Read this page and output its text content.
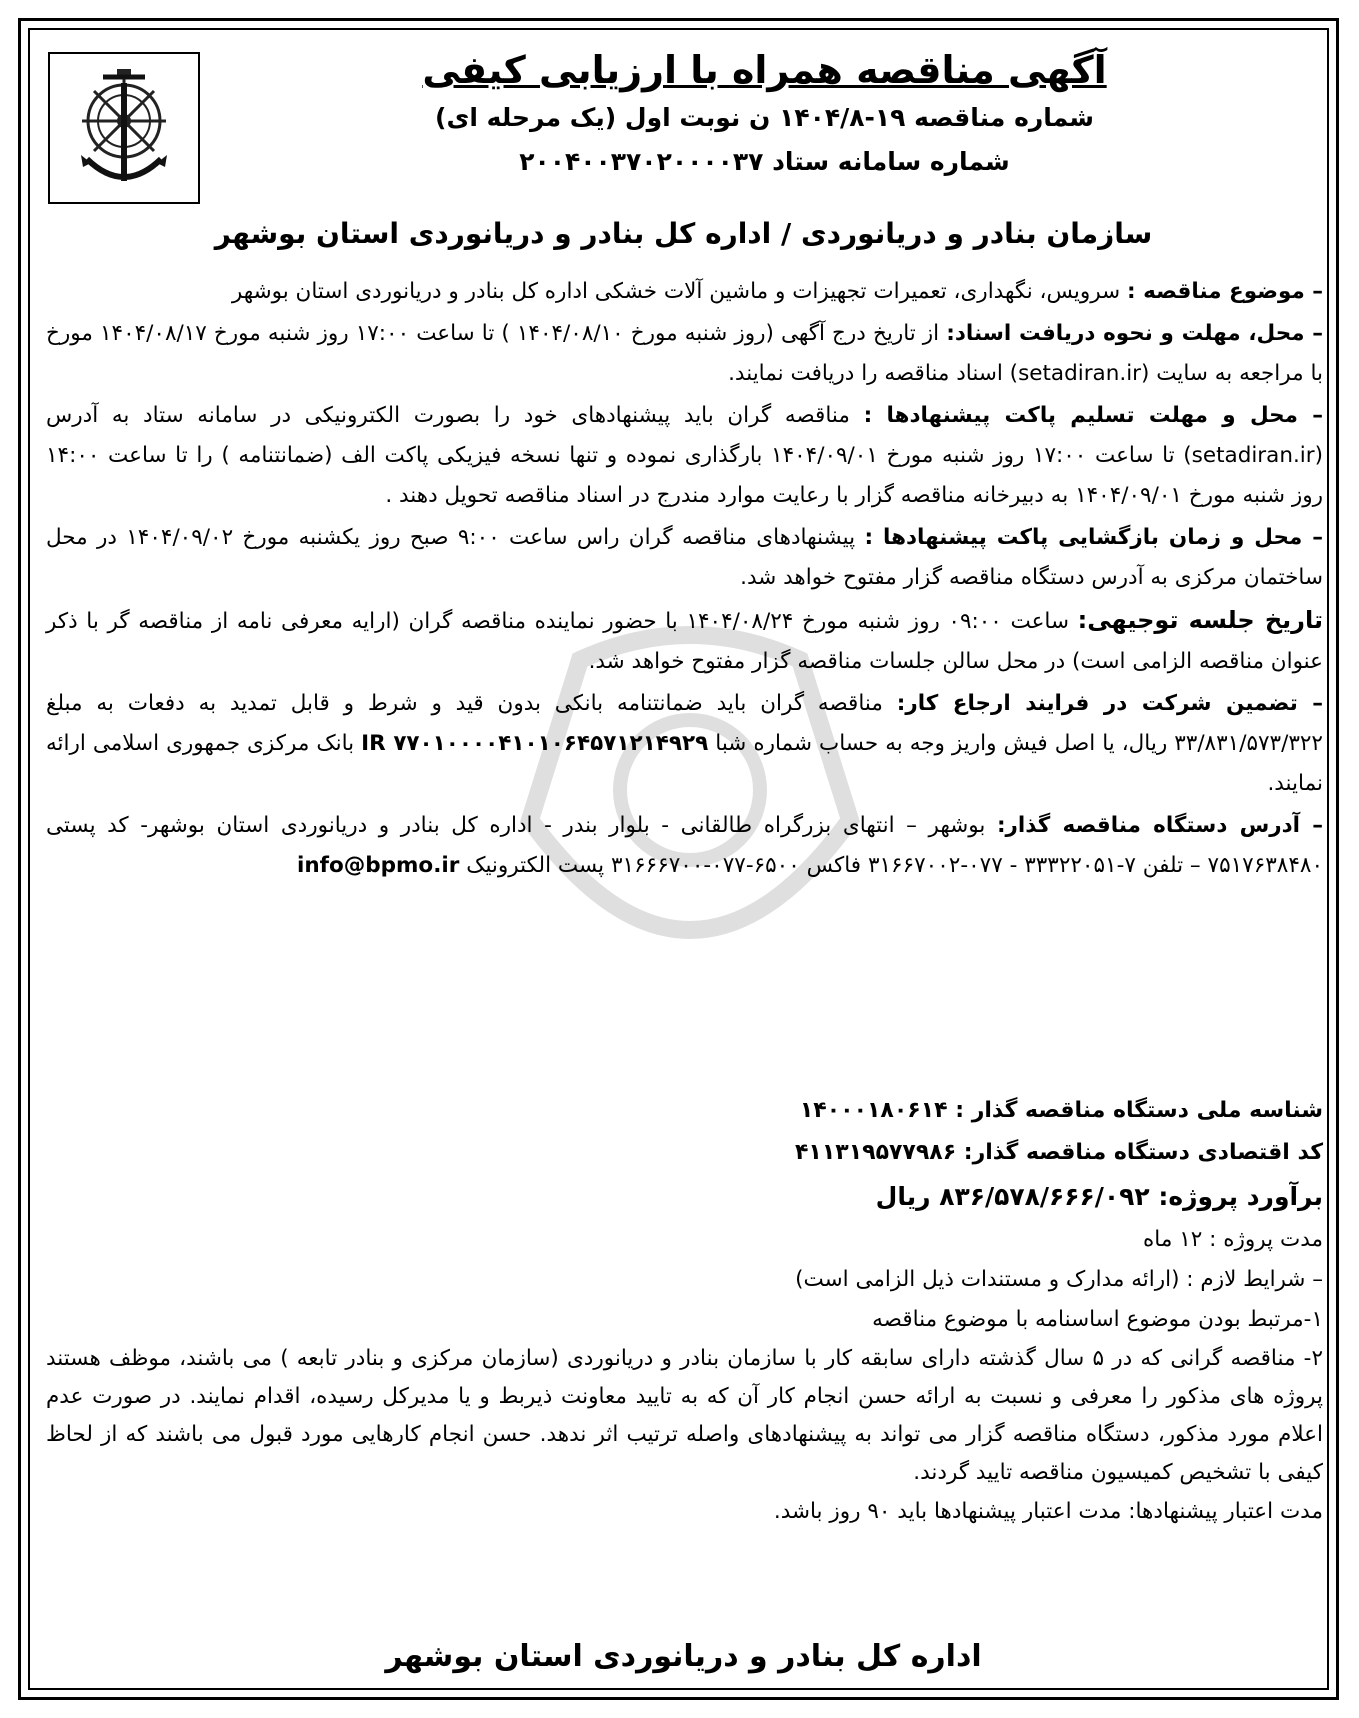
آگهی مناقصه همراه با ارزیابی کیفی

شماره مناقصه ۱۹-۱۴۰۴/۸ ن نوبت اول (یک مرحله ای)

شماره سامانه ستاد ۲۰۰۴۰۰۳۷۰۲۰۰۰۰۳۷

سازمان بنادر و دریانوردی / اداره کل بنادر و دریانوردی استان بوشهر

– موضوع مناقصه : سرویس، نگهداری، تعمیرات تجهیزات و ماشین آلات خشکی اداره کل بنادر و دریانوردی استان بوشهر

– محل، مهلت و نحوه دریافت اسناد: از تاریخ درج آگهی (روز شنبه مورخ ۱۴۰۴/۰۸/۱۰ ) تا ساعت ۱۷:۰۰ روز شنبه مورخ ۱۴۰۴/۰۸/۱۷ مورخ با مراجعه به سایت (setadiran.ir) اسناد مناقصه را دریافت نمایند.

– محل و مهلت تسلیم پاکت پیشنهادها : مناقصه گران باید پیشنهادهای خود را بصورت الکترونیکی در سامانه ستاد به آدرس (setadiran.ir) تا ساعت ۱۷:۰۰ روز شنبه مورخ ۱۴۰۴/۰۹/۰۱ بارگذاری نموده و تنها نسخه فیزیکی پاکت الف (ضمانتنامه ) را تا ساعت ۱۴:۰۰ روز شنبه مورخ ۱۴۰۴/۰۹/۰۱ به دبیرخانه مناقصه گزار با رعایت موارد مندرج در اسناد مناقصه تحویل دهند .

– محل و زمان بازگشایی پاکت پیشنهادها : پیشنهادهای مناقصه گران راس ساعت ۹:۰۰ صبح روز یکشنبه مورخ ۱۴۰۴/۰۹/۰۲ در محل ساختمان مرکزی به آدرس دستگاه مناقصه گزار مفتوح خواهد شد.

تاریخ جلسه توجیهی: ساعت ۰۹:۰۰ روز شنبه مورخ ۱۴۰۴/۰۸/۲۴ با حضور نماینده مناقصه گران (ارایه معرفی نامه از مناقصه گر با ذکر عنوان مناقصه الزامی است) در محل سالن جلسات مناقصه گزار مفتوح خواهد شد.

– تضمین شرکت در فرایند ارجاع کار: مناقصه گران باید ضمانتنامه بانکی بدون قید و شرط و قابل تمدید به دفعات به مبلغ ۳۳/۸۳۱/۵۷۳/۳۲۲ ریال، یا اصل فیش واریز وجه به حساب شماره شبا IR ۷۷۰۱۰۰۰۰۴۱۰۱۰۶۴۵۷۱۲۱۴۹۲۹ بانک مرکزی جمهوری اسلامی ارائه نمایند.

– آدرس دستگاه مناقصه گذار: بوشهر – انتهای بزرگراه طالقانی - بلوار بندر - اداره کل بنادر و دریانوردی استان بوشهر- کد پستی ۷۵۱۷۶۳۸۴۸۰ – تلفن ۷-۳۳۳۲۲۰۵۱ - ۰۷۷-۳۱۶۶۷۰۰۲ فاکس ۶۵۰۰-۰۷۷-۳۱۶۶۶۷۰۰ پست الکترونیک info@bpmo.ir

شناسه ملی دستگاه مناقصه گذار : ۱۴۰۰۰۱۸۰۶۱۴

کد اقتصادی دستگاه مناقصه گذار: ۴۱۱۳۱۹۵۷۷۹۸۶

برآورد پروژه: ۸۳۶/۵۷۸/۶۶۶/۰۹۲ ریال

مدت پروژه : ۱۲ ماه

– شرایط لازم : (ارائه مدارک و مستندات ذیل الزامی است)

۱-مرتبط بودن موضوع اساسنامه با موضوع مناقصه

۲- مناقصه گرانی که در ۵ سال گذشته دارای سابقه کار با سازمان بنادر و دریانوردی (سازمان مرکزی و بنادر تابعه ) می باشند، موظف هستند پروژه های مذکور را معرفی و نسبت به ارائه حسن انجام کار آن که به تایید معاونت ذیربط و یا مدیرکل رسیده، اقدام نمایند. در صورت عدم اعلام مورد مذکور، دستگاه مناقصه گزار می تواند به پیشنهادهای واصله ترتیب اثر ندهد. حسن انجام کارهایی مورد قبول می باشند که از لحاظ کیفی با تشخیص کمیسیون مناقصه تایید گردند.

مدت اعتبار پیشنهادها: مدت اعتبار پیشنهادها باید ۹۰ روز باشد.

اداره کل بنادر و دریانوردی استان بوشهر
